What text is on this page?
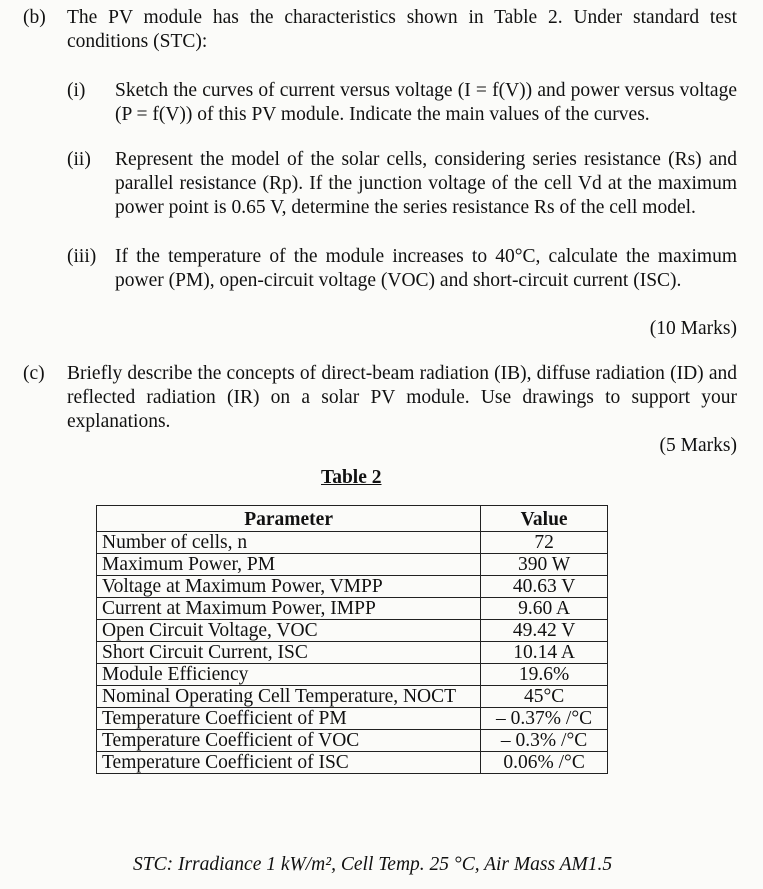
(b) The PV module has the characteristics shown in Table 2. Under standard test conditions (STC):
(i) Sketch the curves of current versus voltage (I = f(V)) and power versus voltage (P = f(V)) of this PV module. Indicate the main values of the curves.
(ii) Represent the model of the solar cells, considering series resistance (Rs) and parallel resistance (Rp). If the junction voltage of the cell Vd at the maximum power point is 0.65 V, determine the series resistance Rs of the cell model.
(iii) If the temperature of the module increases to 40°C, calculate the maximum power (PM), open-circuit voltage (VOC) and short-circuit current (ISC).
(10 Marks)
(c) Briefly describe the concepts of direct-beam radiation (IB), diffuse radiation (ID) and reflected radiation (IR) on a solar PV module. Use drawings to support your explanations.
(5 Marks)
Table 2
Parameter	Value
Number of cells, n	72
Maximum Power, PM	390 W
Voltage at Maximum Power, VMPP	40.63 V
Current at Maximum Power, IMPP	9.60 A
Open Circuit Voltage, VOC	49.42 V
Short Circuit Current, ISC	10.14 A
Module Efficiency	19.6%
Nominal Operating Cell Temperature, NOCT	45°C
Temperature Coefficient of PM	– 0.37% /°C
Temperature Coefficient of VOC	– 0.3% /°C
Temperature Coefficient of ISC	0.06% /°C
STC: Irradiance 1 kW/m², Cell Temp. 25 °C, Air Mass AM1.5
